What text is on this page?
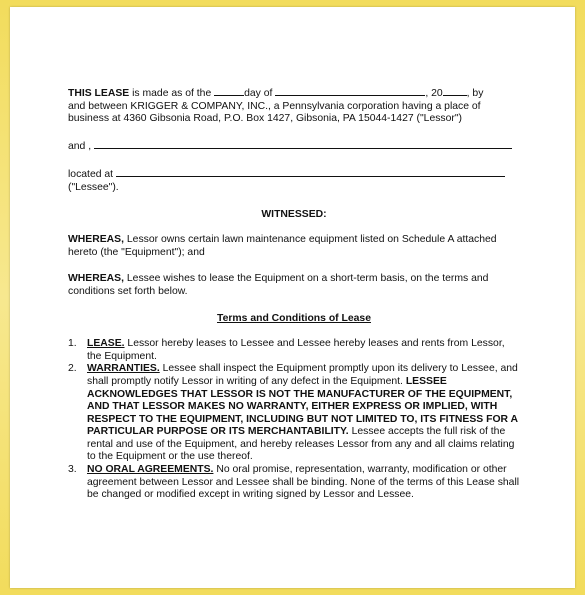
THIS LEASE is made as of the	day of	, 20 , by
and between KRIGGER & COMPANY, INC., a Pennsylvania corporation having a place of
business at 4360 Gibsonia Road, P.O. Box 1427, Gibsonia, PA 15044-1427 ("Lessor")

and ,

located at
("Lessee").

WITNESSED:

WHEREAS, Lessor owns certain lawn maintenance equipment listed on Schedule A attached hereto (the "Equipment"); and

WHEREAS, Lessee wishes to lease the Equipment on a short-term basis, on the terms and conditions set forth below.

Terms and Conditions of Lease

1. LEASE. Lessor hereby leases to Lessee and Lessee hereby leases and rents from Lessor, the Equipment.
2. WARRANTIES. Lessee shall inspect the Equipment promptly upon its delivery to Lessee, and shall promptly notify Lessor in writing of any defect in the Equipment. LESSEE ACKNOWLEDGES THAT LESSOR IS NOT THE MANUFACTURER OF THE EQUIPMENT, AND THAT LESSOR MAKES NO WARRANTY, EITHER EXPRESS OR IMPLIED, WITH RESPECT TO THE EQUIPMENT, INCLUDING BUT NOT LIMITED TO, ITS FITNESS FOR A PARTICULAR PURPOSE OR ITS MERCHANTABILITY. Lessee accepts the full risk of the rental and use of the Equipment, and hereby releases Lessor from any and all claims relating to the Equipment or the use thereof.
3. NO ORAL AGREEMENTS. No oral promise, representation, warranty, modification or other agreement between Lessor and Lessee shall be binding. None of the terms of this Lease shall be changed or modified except in writing signed by Lessor and Lessee.
